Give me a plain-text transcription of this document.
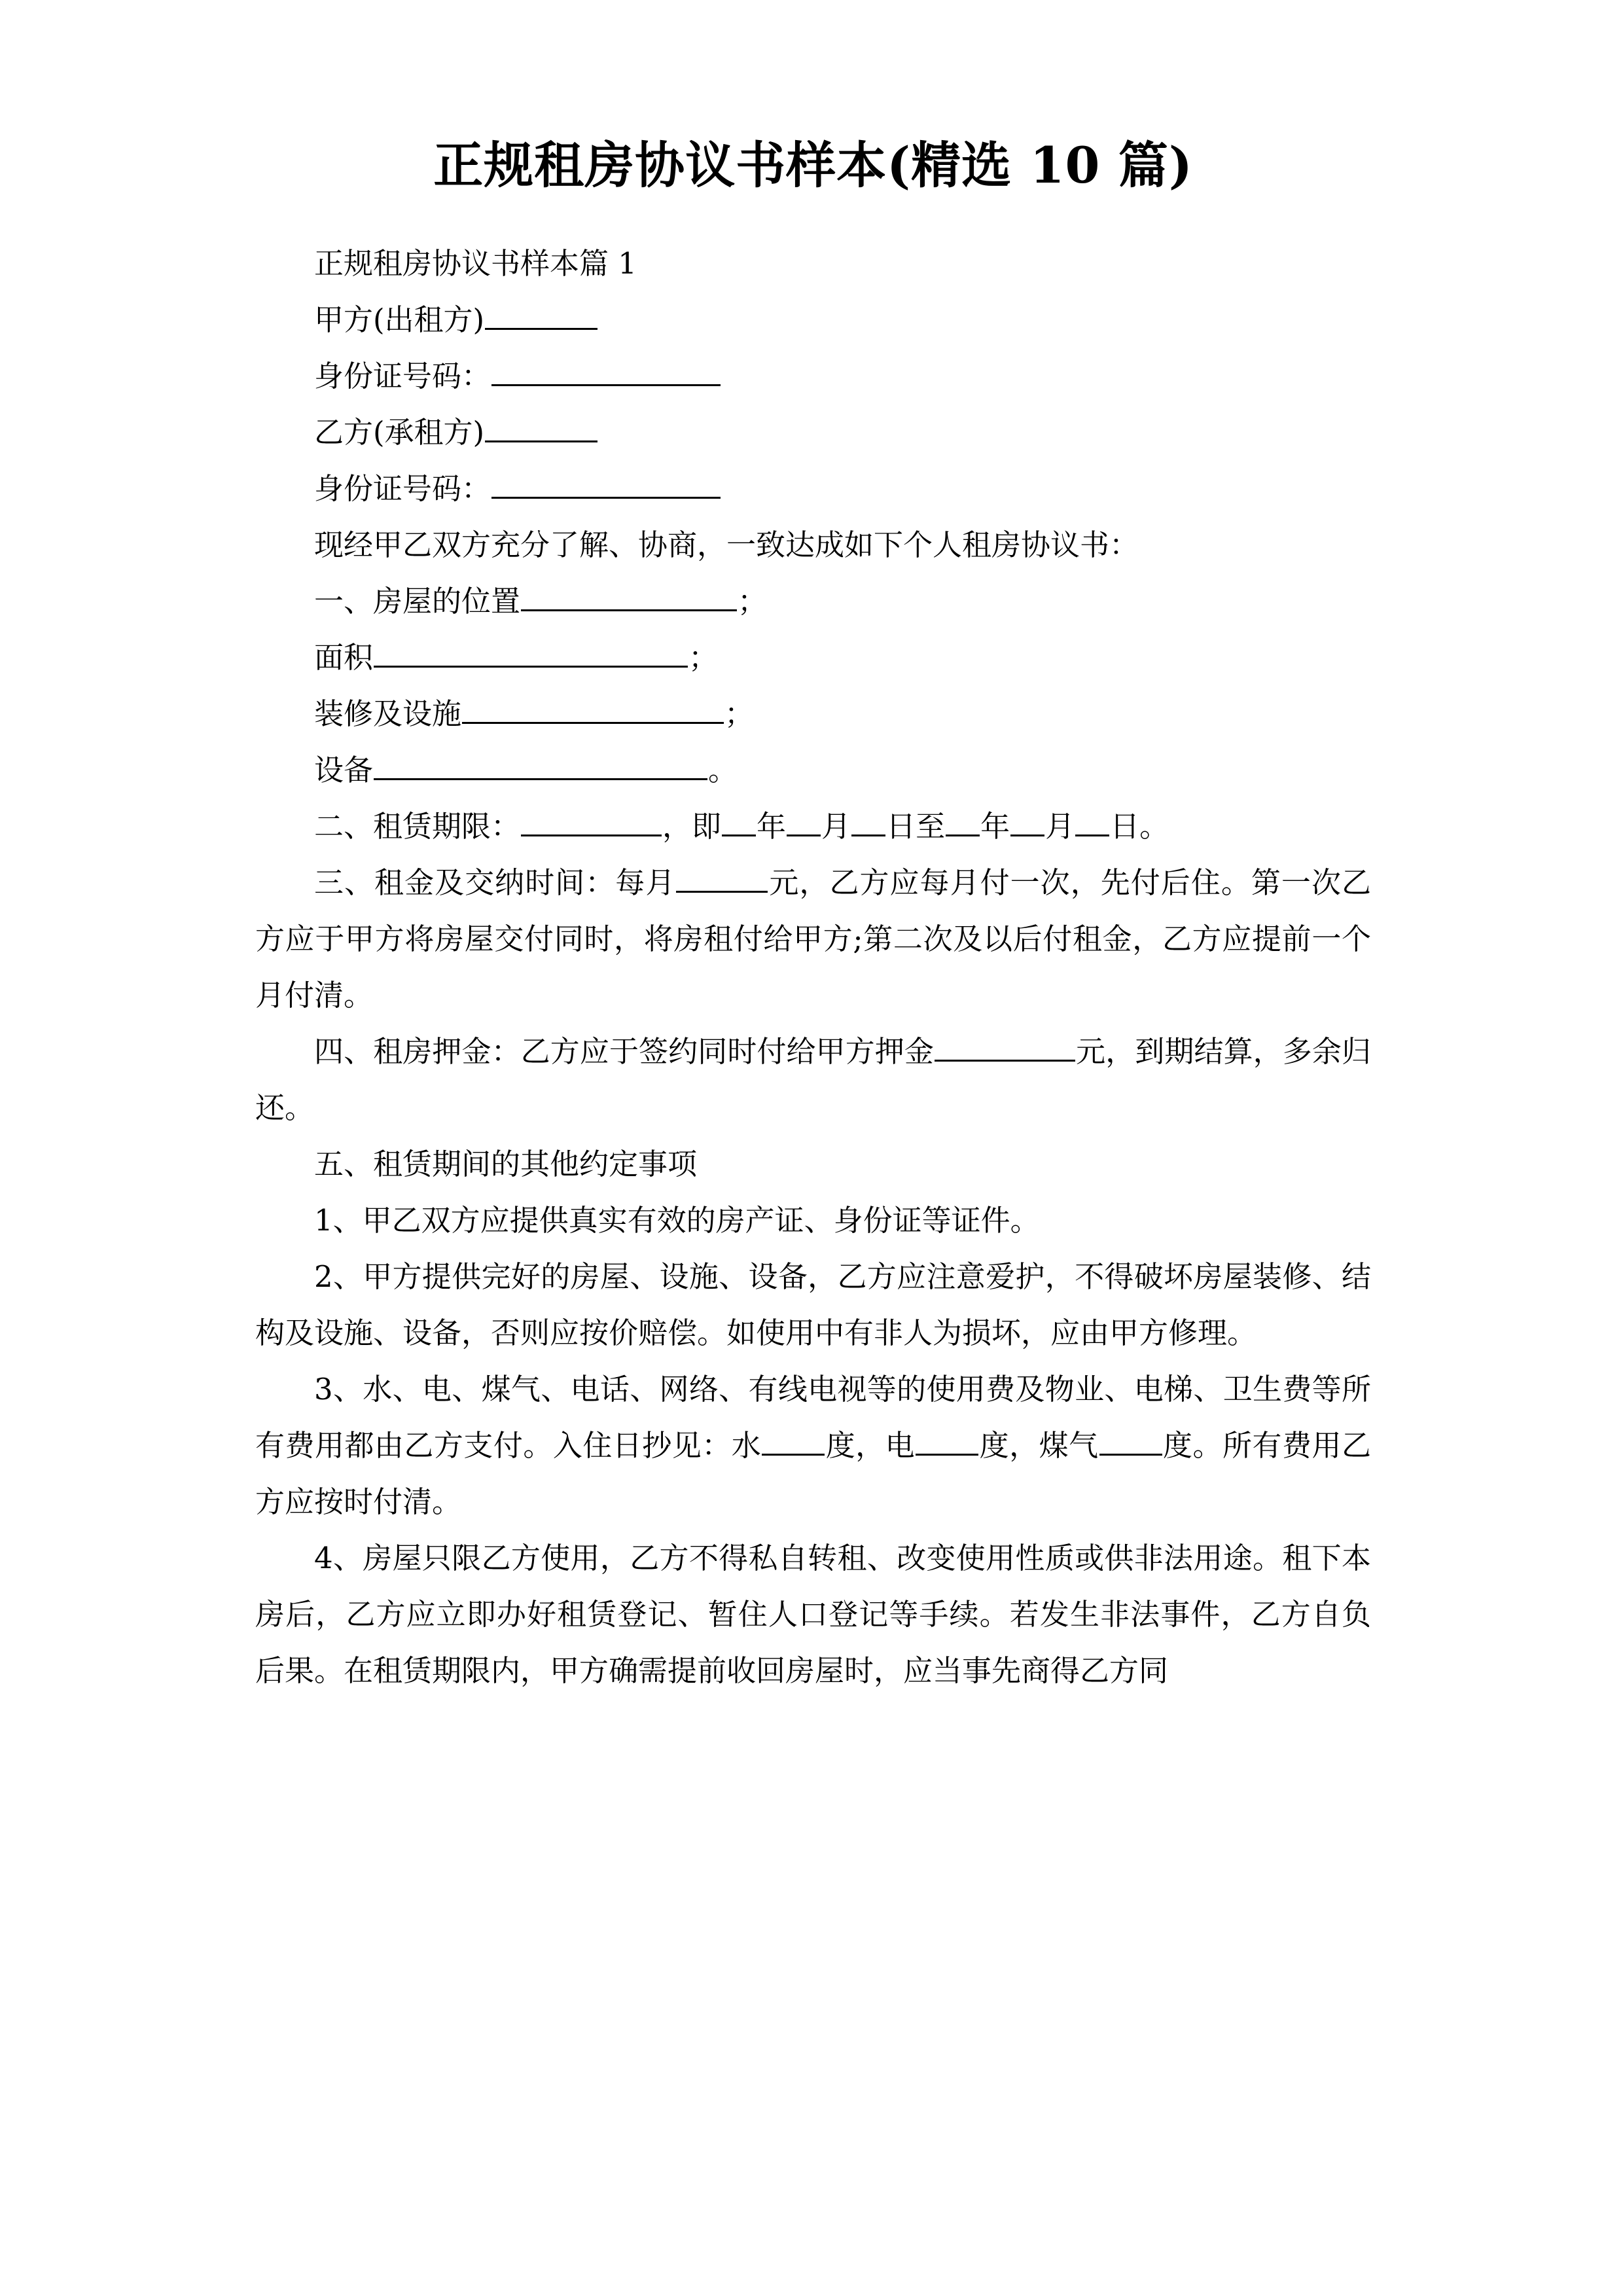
正规租房协议书样本(精选 10 篇)

正规租房协议书样本篇 1

甲方(出租方)

身份证号码：

乙方(承租方)

身份证号码：

现经甲乙双方充分了解、协商，一致达成如下个人租房协议书：

一、房屋的位置	；

面积	；

装修及设施	；

设备	。

二、租赁期限：	，即 年 月 日至 年 月 日。

三、租金及交纳时间：每月	元，乙方应每月付一次，先付后住。第一次乙方应于甲方将房屋交付同时，将房租付给甲方;第二次及以后付租金，乙方应提前一个月付清。

四、租房押金：乙方应于签约同时付给甲方押金	元，到期结算，多余归还。

五、租赁期间的其他约定事项

1、甲乙双方应提供真实有效的房产证、身份证等证件。

2、甲方提供完好的房屋、设施、设备，乙方应注意爱护，不得破坏房屋装修、结构及设施、设备，否则应按价赔偿。如使用中有非人为损坏，应由甲方修理。

3、水、电、煤气、电话、网络、有线电视等的使用费及物业、电梯、卫生费等所有费用都由乙方支付。入住日抄见：水 度，电 度，煤气 度。所有费用乙方应按时付清。

4、房屋只限乙方使用，乙方不得私自转租、改变使用性质或供非法用途。租下本房后，乙方应立即办好租赁登记、暂住人口登记等手续。若发生非法事件，乙方自负后果。在租赁期限内，甲方确需提前收回房屋时，应当事先商得乙方同
